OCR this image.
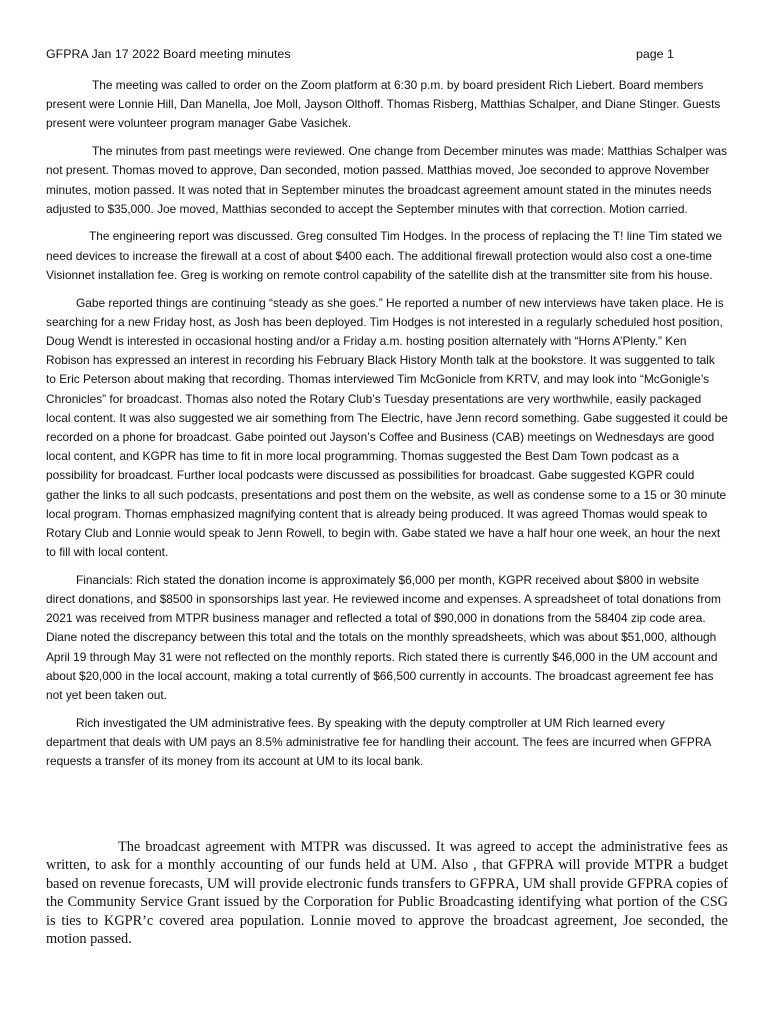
GFPRA Jan 17 2022 Board meeting minutes	page 1

The meeting was called to order on the Zoom platform at 6:30 p.m. by board president Rich Liebert. Board members present were Lonnie Hill, Dan Manella, Joe Moll, Jayson Olthoff. Thomas Risberg, Matthias Schalper, and Diane Stinger. Guests present were volunteer program manager Gabe Vasichek.

The minutes from past meetings were reviewed. One change from December minutes was made: Matthias Schalper was not present. Thomas moved to approve, Dan seconded, motion passed. Matthias moved, Joe seconded to approve November minutes, motion passed. It was noted that in September minutes the broadcast agreement amount stated in the minutes needs adjusted to $35,000. Joe moved, Matthias seconded to accept the September minutes with that correction. Motion carried.

The engineering report was discussed. Greg consulted Tim Hodges. In the process of replacing the T! line Tim stated we need devices to increase the firewall at a cost of about $400 each. The additional firewall protection would also cost a one-time Visionnet installation fee. Greg is working on remote control capability of the satellite dish at the transmitter site from his house.

Gabe reported things are continuing “steady as she goes.” He reported a number of new interviews have taken place. He is searching for a new Friday host, as Josh has been deployed. Tim Hodges is not interested in a regularly scheduled host position, Doug Wendt is interested in occasional hosting and/or a Friday a.m. hosting position alternately with “Horns A’Plenty.” Ken Robison has expressed an interest in recording his February Black History Month talk at the bookstore. It was suggented to talk to Eric Peterson about making that recording. Thomas interviewed Tim McGonicle from KRTV, and may look into “McGonigle’s Chronicles” for broadcast. Thomas also noted the Rotary Club’s Tuesday presentations are very worthwhile, easily packaged local content. It was also suggested we air something from The Electric, have Jenn record something. Gabe suggested it could be recorded on a phone for broadcast. Gabe pointed out Jayson’s Coffee and Business (CAB) meetings on Wednesdays are good local content, and KGPR has time to fit in more local programming. Thomas suggested the Best Dam Town podcast as a possibility for broadcast. Further local podcasts were discussed as possibilities for broadcast. Gabe suggested KGPR could gather the links to all such podcasts, presentations and post them on the website, as well as condense some to a 15 or 30 minute local program. Thomas emphasized magnifying content that is already being produced. It was agreed Thomas would speak to Rotary Club and Lonnie would speak to Jenn Rowell, to begin with. Gabe stated we have a half hour one week, an hour the next to fill with local content.

Financials: Rich stated the donation income is approximately $6,000 per month, KGPR received about $800 in website direct donations, and $8500 in sponsorships last year. He reviewed income and expenses. A spreadsheet of total donations from 2021 was received from MTPR business manager and reflected a total of $90,000 in donations from the 58404 zip code area. Diane noted the discrepancy between this total and the totals on the monthly spreadsheets, which was about $51,000, although April 19 through May 31 were not reflected on the monthly reports. Rich stated there is currently $46,000 in the UM account and about $20,000 in the local account, making a total currently of $66,500 currently in accounts. The broadcast agreement fee has not yet been taken out.

Rich investigated the UM administrative fees. By speaking with the deputy comptroller at UM Rich learned every department that deals with UM pays an 8.5% administrative fee for handling their account. The fees are incurred when GFPRA requests a transfer of its money from its account at UM to its local bank.

The broadcast agreement with MTPR was discussed. It was agreed to accept the administrative fees as written, to ask for a monthly accounting of our funds held at UM. Also , that GFPRA will provide MTPR a budget based on revenue forecasts, UM will provide electronic funds transfers to GFPRA, UM shall provide GFPRA copies of the Community Service Grant issued by the Corporation for Public Broadcasting identifying what portion of the CSG is ties to KGPR’c covered area population. Lonnie moved to approve the broadcast agreement, Joe seconded, the motion passed.
